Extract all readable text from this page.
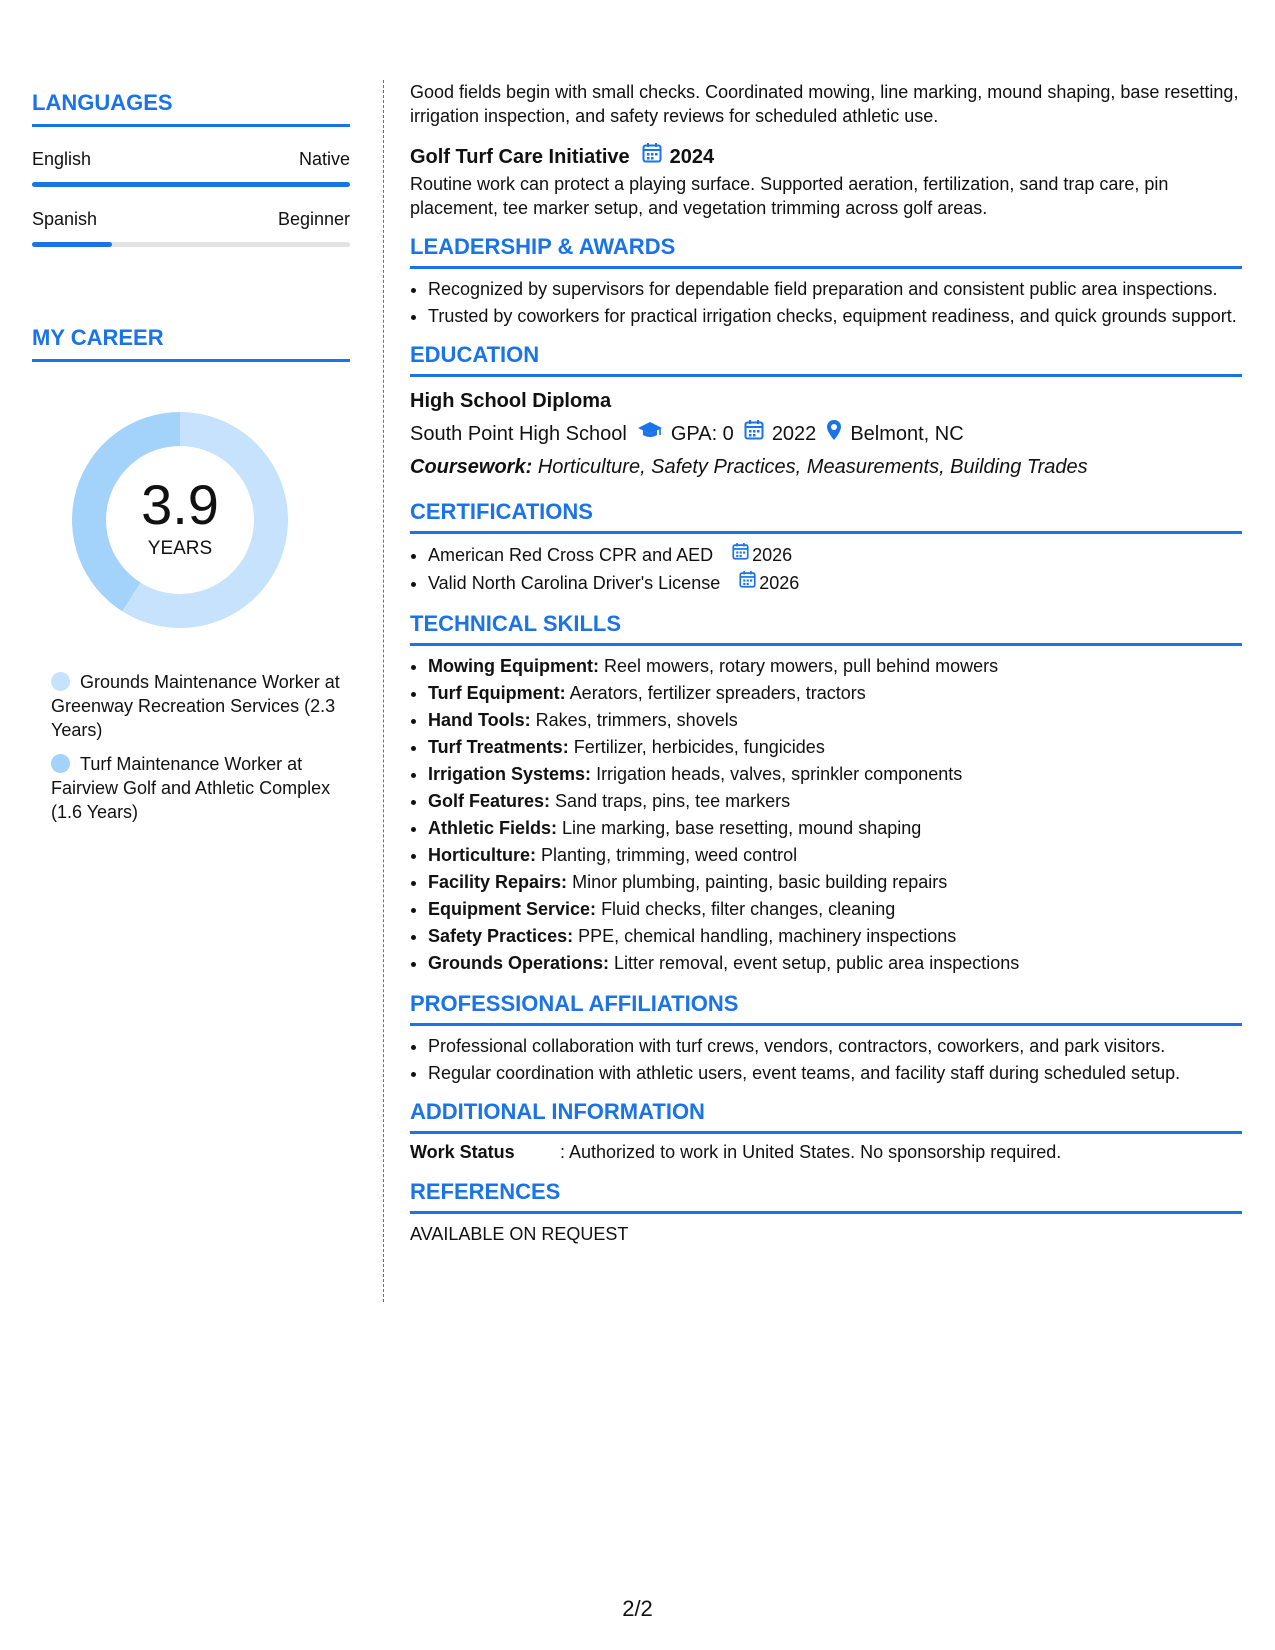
LANGUAGES
English	Native
Spanish	Beginner
MY CAREER
3.9
YEARS
Grounds Maintenance Worker at Greenway Recreation Services (2.3 Years)
Turf Maintenance Worker at Fairview Golf and Athletic Complex (1.6 Years)

Good fields begin with small checks. Coordinated mowing, line marking, mound shaping, base resetting, irrigation inspection, and safety reviews for scheduled athletic use.

Golf Turf Care Initiative 2024

Routine work can protect a playing surface. Supported aeration, fertilization, sand trap care, pin placement, tee marker setup, and vegetation trimming across golf areas.

LEADERSHIP & AWARDS
• Recognized by supervisors for dependable field preparation and consistent public area inspections.
• Trusted by coworkers for practical irrigation checks, equipment readiness, and quick grounds support.
EDUCATION
High School Diploma
South Point High School GPA: 0 2022 Belmont, NC
Coursework: Horticulture, Safety Practices, Measurements, Building Trades
CERTIFICATIONS
• American Red Cross CPR and AED 2026
• Valid North Carolina Driver's License 2026
TECHNICAL SKILLS
• Mowing Equipment: Reel mowers, rotary mowers, pull behind mowers
• Turf Equipment: Aerators, fertilizer spreaders, tractors
• Hand Tools: Rakes, trimmers, shovels
• Turf Treatments: Fertilizer, herbicides, fungicides
• Irrigation Systems: Irrigation heads, valves, sprinkler components
• Golf Features: Sand traps, pins, tee markers
• Athletic Fields: Line marking, base resetting, mound shaping
• Horticulture: Planting, trimming, weed control
• Facility Repairs: Minor plumbing, painting, basic building repairs
• Equipment Service: Fluid checks, filter changes, cleaning
• Safety Practices: PPE, chemical handling, machinery inspections
• Grounds Operations: Litter removal, event setup, public area inspections
PROFESSIONAL AFFILIATIONS
• Professional collaboration with turf crews, vendors, contractors, coworkers, and park visitors.
• Regular coordination with athletic users, event teams, and facility staff during scheduled setup.
ADDITIONAL INFORMATION
Work Status	: Authorized to work in United States. No sponsorship required.
REFERENCES

AVAILABLE ON REQUEST

2/2
